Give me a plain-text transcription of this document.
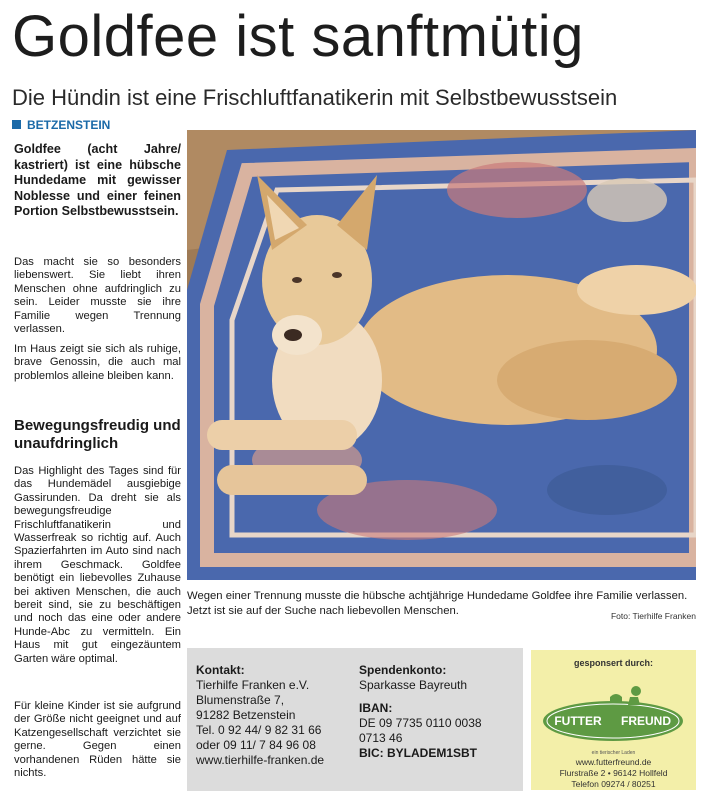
Goldfee ist sanftmütig
Die Hündin ist eine Frischluftfanatikerin mit Selbstbewusstsein
BETZENSTEIN
Goldfee (acht Jahre/ kastriert) ist eine hübsche Hundedame mit gewisser Noblesse und einer feinen Portion Selbstbewusstsein.
Das macht sie so besonders liebenswert. Sie liebt ihren Menschen ohne aufdringlich zu sein. Leider musste sie ihre Familie wegen Trennung verlassen.
Im Haus zeigt sie sich als ruhige, brave Genossin, die auch mal problemlos alleine bleiben kann.
Bewegungsfreudig und unaufdringlich
Das Highlight des Tages sind für das Hundemädel ausgiebige Gassirunden. Da dreht sie als bewegungsfreudige Frischluftfanatikerin und Wasserfreak so richtig auf. Auch Spazierfahrten im Auto sind nach ihrem Geschmack. Goldfee benötigt ein liebevolles Zuhause bei aktiven Menschen, die auch bereit sind, sie zu beschäftigen und noch das eine oder andere Hunde-Abc zu vermitteln. Ein Haus mit gut eingezäuntem Garten wäre optimal.
Für kleine Kinder ist sie aufgrund der Größe nicht geeignet und auf Katzengesellschaft verzichtet sie gerne. Gegen einen vorhandenen Rüden hätte sie nichts.
Wegen einer Trennung musste die hübsche achtjährige Hundedame Goldfee ihre Familie verlassen. Jetzt ist sie auf der Suche nach liebevollen Menschen.	Foto: Tierhilfe Franken
Kontakt:
Tierhilfe Franken e.V.
Blumenstraße 7,
91282 Betzenstein
Tel. 0 92 44/ 9 82 31 66
oder 09 11/ 7 84 96 08
www.tierhilfe-franken.de
Spendenkonto:
Sparkasse Bayreuth
IBAN:
DE 09 7735 0110 0038
0713 46
BIC: BYLADEM1SBT
gesponsert durch:
FUTTER FREUND
ein tierischer Laden
www.futterfreund.de
Flurstraße 2 • 96142 Hollfeld
Telefon 09274 / 80251
